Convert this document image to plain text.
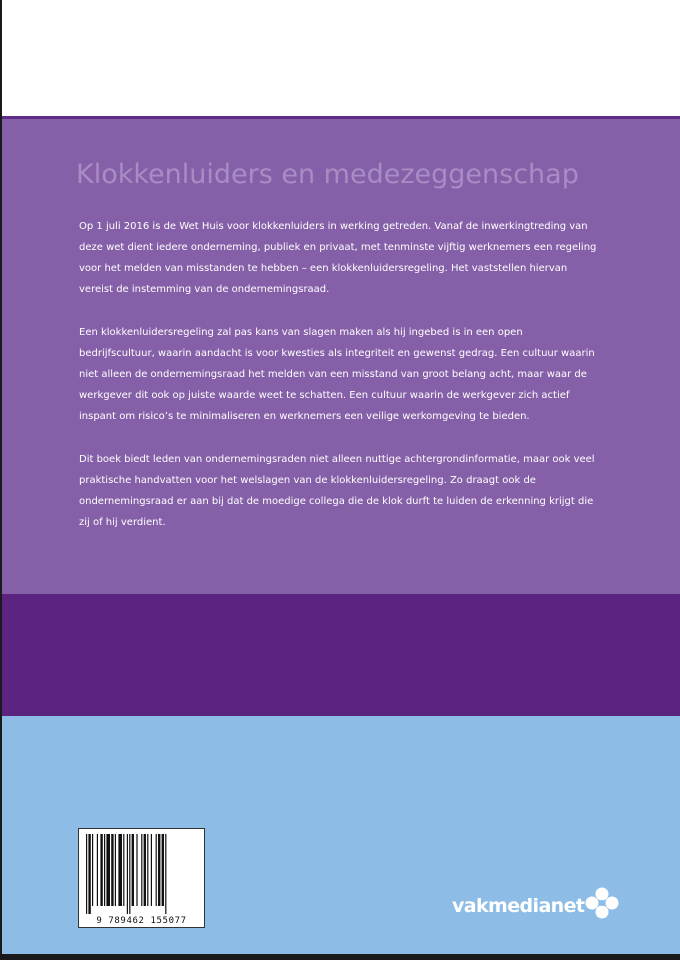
Klokkenluiders en medezeggenschap

Op 1 juli 2016 is de Wet Huis voor klokkenluiders in werking getreden. Vanaf de inwerkingtreding van deze wet dient iedere onderneming, publiek en privaat, met tenminste vijftig werknemers een regeling voor het melden van misstanden te hebben – een klokkenluidersregeling. Het vaststellen hiervan vereist de instemming van de ondernemingsraad.

Een klokkenluidersregeling zal pas kans van slagen maken als hij ingebed is in een open bedrijfscultuur, waarin aandacht is voor kwesties als integriteit en gewenst gedrag. Een cultuur waarin niet alleen de ondernemingsraad het melden van een misstand van groot belang acht, maar waar de werkgever dit ook op juiste waarde weet te schatten. Een cultuur waarin de werkgever zich actief inspant om risico’s te minimaliseren en werknemers een veilige werkomgeving te bieden.

Dit boek biedt leden van ondernemingsraden niet alleen nuttige achtergrondinformatie, maar ook veel praktische handvatten voor het welslagen van de klokkenluidersregeling. Zo draagt ook de ondernemingsraad er aan bij dat de moedige collega die de klok durft te luiden de erkenning krijgt die zij of hij verdient.

9 789462 155077
vakmedianet
